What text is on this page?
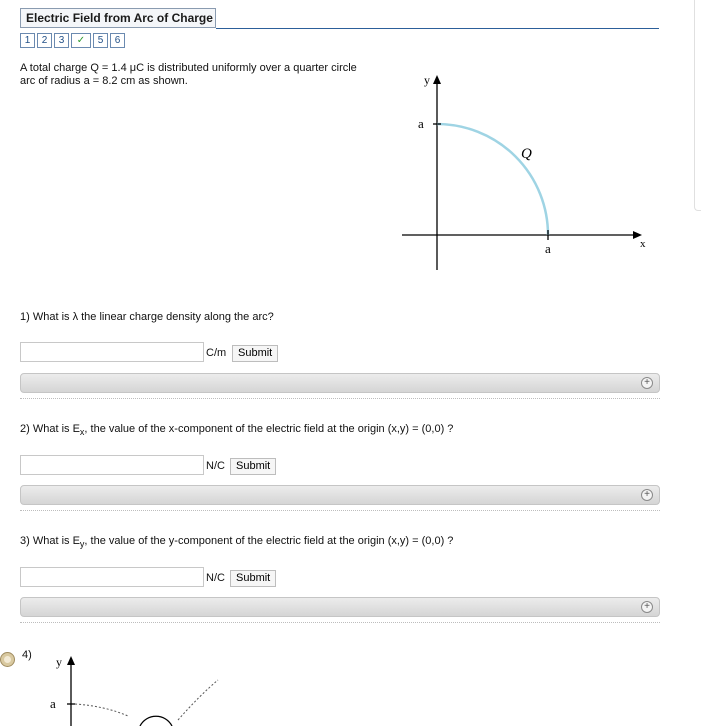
Electric Field from Arc of Charge
1	2	3	✓	5	6
A total charge Q = 1.4 μC is distributed uniformly over a quarter circle
arc of radius a = 8.2 cm as shown.	y
x
a
a
Q
1) What is λ the linear charge density along the arc?
C/m	Submit
+
2) What is $E_x$, the value of the x-component of the electric field at the origin (x,y) = (0,0) ?
N/C	Submit
+
3) What is $E_y$, the value of the y-component of the electric field at the origin (x,y) = (0,0) ?
N/C	Submit
+
4) y
a
